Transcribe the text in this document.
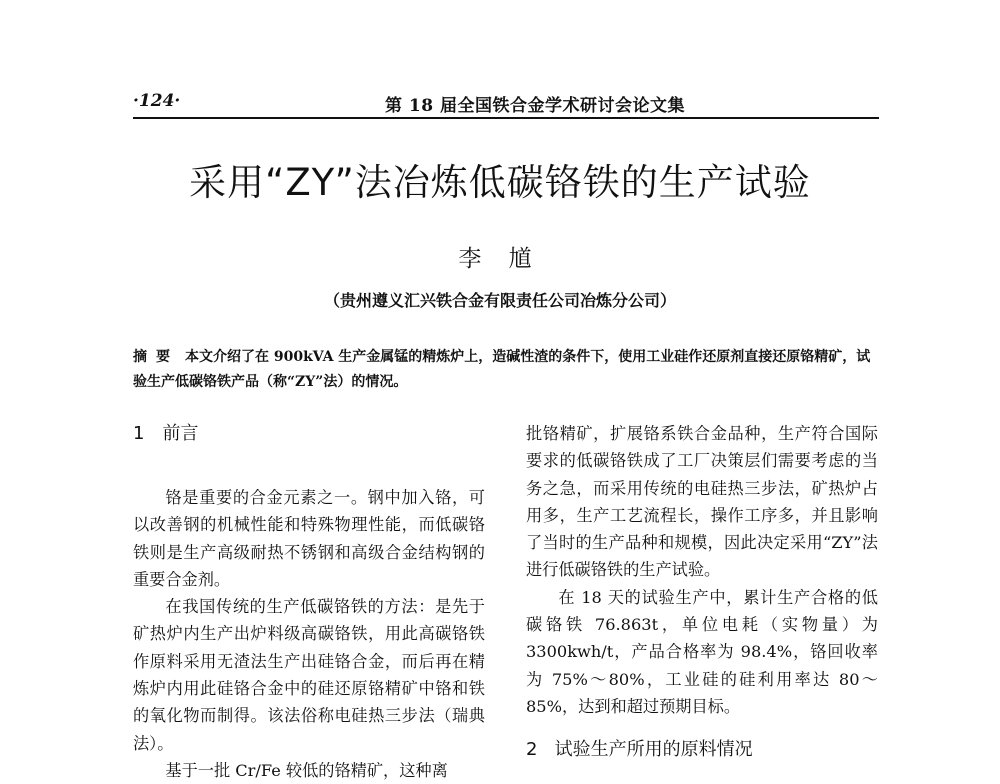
·124·	第 18 届全国铁合金学术研讨会论文集
采用“ZY”法冶炼低碳铬铁的生产试验
李 馗
（贵州遵义汇兴铁合金有限责任公司冶炼分公司）
摘要 本文介绍了在 900kVA 生产金属锰的精炼炉上，造碱性渣的条件下，使用工业硅作还原剂直接还原铬精矿，试验生产低碳铬铁产品（称“ZY”法）的情况。
1 前言

铬是重要的合金元素之一。钢中加入铬，可以改善钢的机械性能和特殊物理性能，而低碳铬铁则是生产高级耐热不锈钢和高级合金结构钢的重要合金剂。

在我国传统的生产低碳铬铁的方法：是先于矿热炉内生产出炉料级高碳铬铁，用此高碳铬铁作原料采用无渣法生产出硅铬合金，而后再在精炼炉内用此硅铬合金中的硅还原铬精矿中铬和铁的氧化物而制得。该法俗称电硅热三步法（瑞典法）。

基于一批 Cr/Fe 较低的铬精矿，这种离

批铬精矿，扩展铬系铁合金品种，生产符合国际要求的低碳铬铁成了工厂决策层们需要考虑的当务之急，而采用传统的电硅热三步法，矿热炉占用多，生产工艺流程长，操作工序多，并且影响了当时的生产品种和规模，因此决定采用“ZY”法进行低碳铬铁的生产试验。

在 18 天的试验生产中，累计生产合格的低碳铬铁 76.863t，单位电耗（实物量）为 3300kwh/t，产品合格率为 98.4%，铬回收率为 75%～80%，工业硅的硅利用率达 80～85%，达到和超过预期目标。

2 试验生产所用的原料情况
